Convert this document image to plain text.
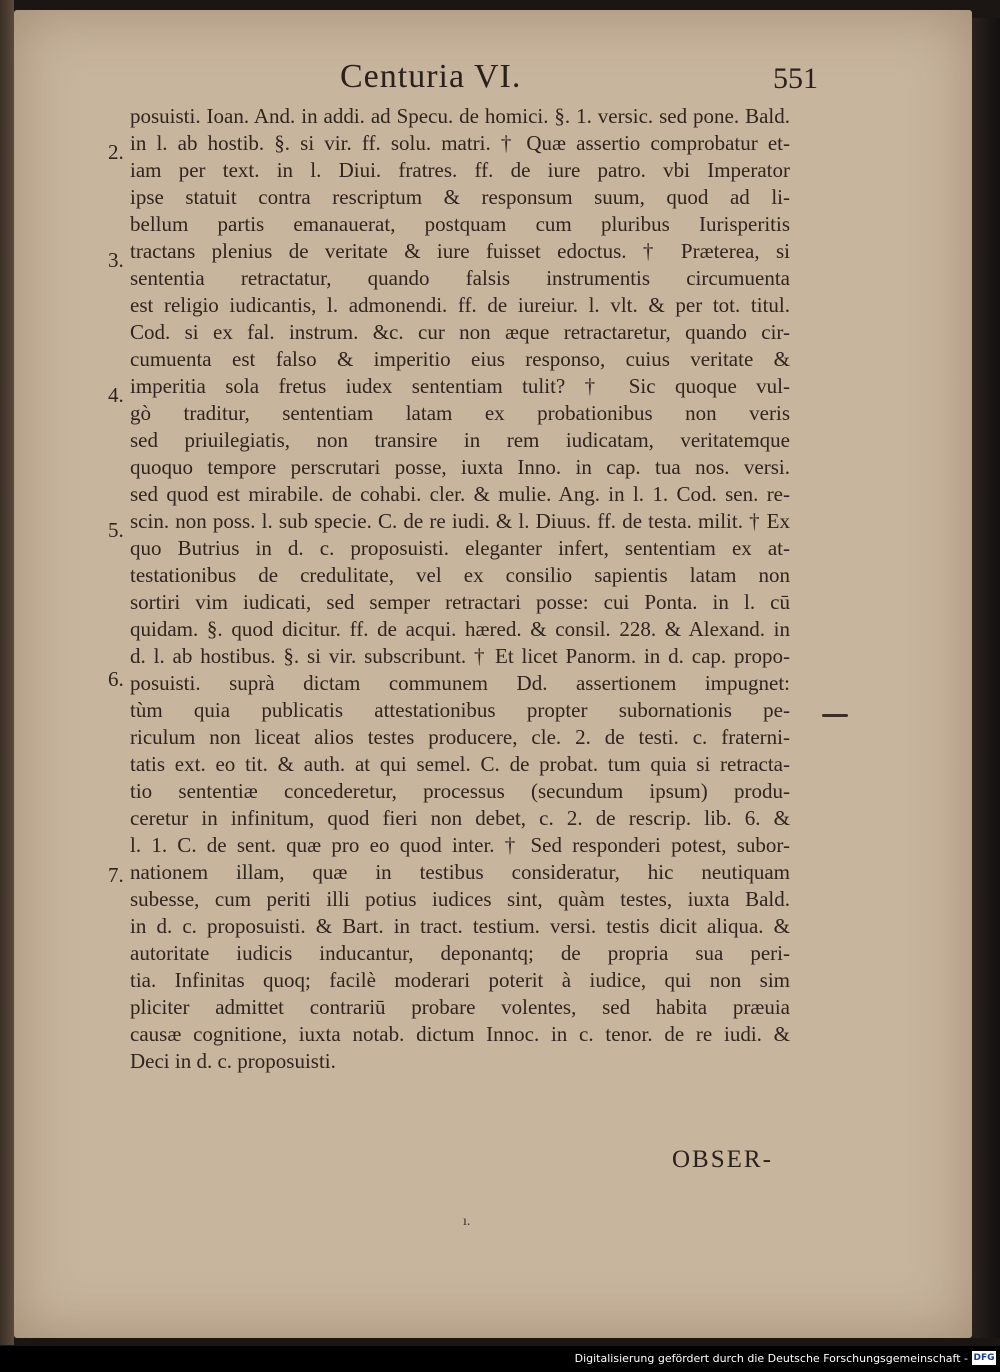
Centuria VI.	551
2.
3.
4.
5.
6.
7.
posuisti. Ioan. And. in addi. ad Specu. de homici. §. 1. versic. sed pone. Bald.
in l. ab hostib. §. si vir. ff. solu. matri. † Quæ assertio comprobatur et-
iam per text. in l. Diui. fratres. ff. de iure patro. vbi Imperator
ipse statuit contra rescriptum & responsum suum, quod ad li-
bellum partis emanauerat, postquam cum pluribus Iurisperitis
tractans plenius de veritate & iure fuisset edoctus. † Præterea, si
sententia retractatur, quando falsis instrumentis circumuenta
est religio iudicantis, l. admonendi. ff. de iureiur. l. vlt. & per tot. titul.
Cod. si ex fal. instrum. &c. cur non æque retractaretur, quando cir-
cumuenta est falso & imperitio eius responso, cuius veritate &
imperitia sola fretus iudex sententiam tulit? † Sic quoque vul-
gò traditur, sententiam latam ex probationibus non veris
sed priuilegiatis, non transire in rem iudicatam, veritatemque
quoquo tempore perscrutari posse, iuxta Inno. in cap. tua nos. versi.
sed quod est mirabile. de cohabi. cler. & mulie. Ang. in l. 1. Cod. sen. re-
scin. non poss. l. sub specie. C. de re iudi. & l. Diuus. ff. de testa. milit. † Ex
quo Butrius in d. c. proposuisti. eleganter infert, sententiam ex at-
testationibus de credulitate, vel ex consilio sapientis latam non
sortiri vim iudicati, sed semper retractari posse: cui Ponta. in l. cū
quidam. §. quod dicitur. ff. de acqui. hæred. & consil. 228. & Alexand. in
d. l. ab hostibus. §. si vir. subscribunt. † Et licet Panorm. in d. cap. propo-
posuisti. suprà dictam communem Dd. assertionem impugnet:
tùm quia publicatis attestationibus propter subornationis pe-
riculum non liceat alios testes producere, cle. 2. de testi. c. fraterni-
tatis ext. eo tit. & auth. at qui semel. C. de probat. tum quia si retracta-
tio sententiæ concederetur, processus (secundum ipsum) produ-
ceretur in infinitum, quod fieri non debet, c. 2. de rescrip. lib. 6. &
l. 1. C. de sent. quæ pro eo quod inter. † Sed responderi potest, subor-
nationem illam, quæ in testibus consideratur, hic neutiquam
subesse, cum periti illi potius iudices sint, quàm testes, iuxta Bald.
in d. c. proposuisti. & Bart. in tract. testium. versi. testis dicit aliqua. &
autoritate iudicis inducantur, deponantq; de propria sua peri-
tia. Infinitas quoq; facilè moderari poterit à iudice, qui non sim
pliciter admittet contrariū probare volentes, sed habita præuia
causæ cognitione, iuxta notab. dictum Innoc. in c. tenor. de re iudi. &
Deci in d. c. proposuisti.
OBSER-
ı.
Digitalisierung gefördert durch die Deutsche Forschungsgemeinschaft - DFG
